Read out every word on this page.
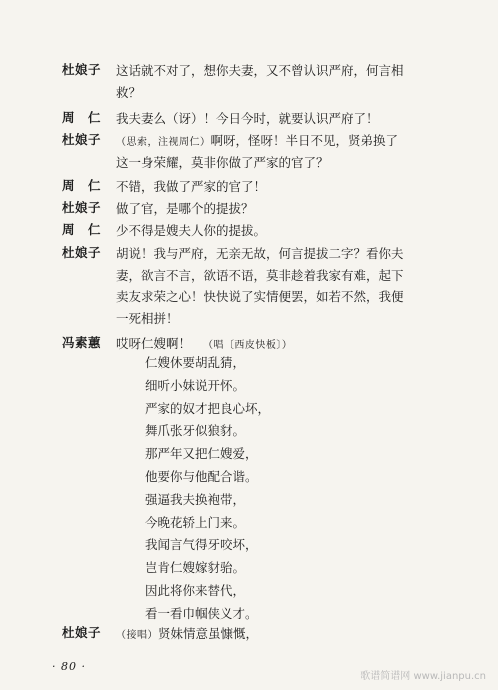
杜娘子	这话就不对了，想你夫妻，又不曾认识严府，何言相
救？
周　仁	我夫妻么（讶）！今日今时，就要认识严府了！
杜娘子	（思索，注视周仁）啊呀，怪呀！半日不见，贤弟换了
这一身荣耀，莫非你做了严家的官了？
周　仁	不错，我做了严家的官了！
杜娘子	做了官，是哪个的提拔？
周　仁	少不得是嫂夫人你的提拔。
杜娘子	胡说！我与严府，无亲无故，何言提拔二字？看你夫
妻，欲言不言，欲语不语，莫非趁着我家有难，起下
卖友求荣之心！快快说了实情便罢，如若不然，我便
一死相拼！
冯素蕙	哎呀仁嫂啊！ （唱〔西皮快板〕）
仁嫂休要胡乱猜，
细听小妹说开怀。
严家的奴才把良心坏，
舞爪张牙似狼豺。
那严年又把仁嫂爱，
他要你与他配合谐。
强逼我夫换袍带，
今晚花轿上门来。
我闻言气得牙咬坏，
岂肯仁嫂嫁豺骀。
因此将你来替代，
看一看巾帼侠义才。
杜娘子	（接唱）贤妹情意虽慷慨，
· 80 ·
歌谱简谱网 www.jianpu.cn
